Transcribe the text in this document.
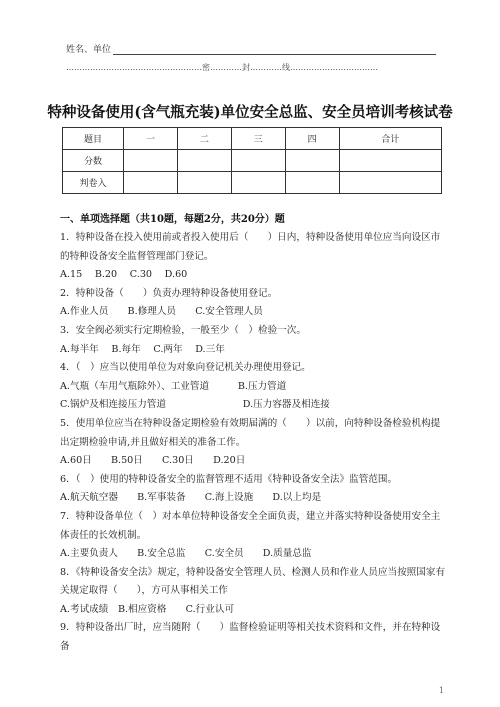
姓名、单位
……………………………………………密…………封…………线……………………………
特种设备使用(含气瓶充装)单位安全总监、安全员培训考核试卷
题目	一	二	三	四	合计
分数					
判卷入					
一、单项选择题（共10题，每题2分，共20分）题

1．特种设备在投入使用前或者投入使用后（　　）日内，特种设备使用单位应当向设区市的特种设备安全监督管理部门登记。

A.15　 B.20　 C.30　 D.60

2．特种设备（　　）负责办理特种设备使用登记。

A.作业人员　　B.修理人员　　C.安全管理人员

3．安全阀必须实行定期检验，一般至少（　）检验一次。

A.每半年　 B.每年　 C.两年　 D.三年

4．（　）应当以使用单位为对象向登记机关办理使用登记。

A.气瓶（车用气瓶除外）、工业管道　　　B.压力管道
C.锅炉及相连接压力管道　　　　　　　　D.压力容器及相连接

5．使用单位应当在特种设备定期检验有效期届满的（　　）以前，向特种设备检验机构提出定期检验申请,并且做好相关的准备工作。

A.60日　　B.50日　　C.30日　　D.20日

6．（　）使用的特种设备安全的监督管理不适用《特种设备安全法》监管范围。

A.航天航空器　　B.军事装备　　C.海上设施　　D.以上均是

7．特种设备单位（　）对本单位特种设备安全全面负责，建立并落实特种设备使用安全主体责任的长效机制。

A.主要负责人　　B.安全总监　　C.安全员　　D.质量总监

8．《特种设备安全法》规定，特种设备安全管理人员、检测人员和作业人员应当按照国家有关规定取得（　　），方可从事相关工作

A.考试成绩　B.相应资格　　C.行业认可

9．特种设备出厂时，应当随附（　　）监督检验证明等相关技术资料和文件，并在特种设备

1
